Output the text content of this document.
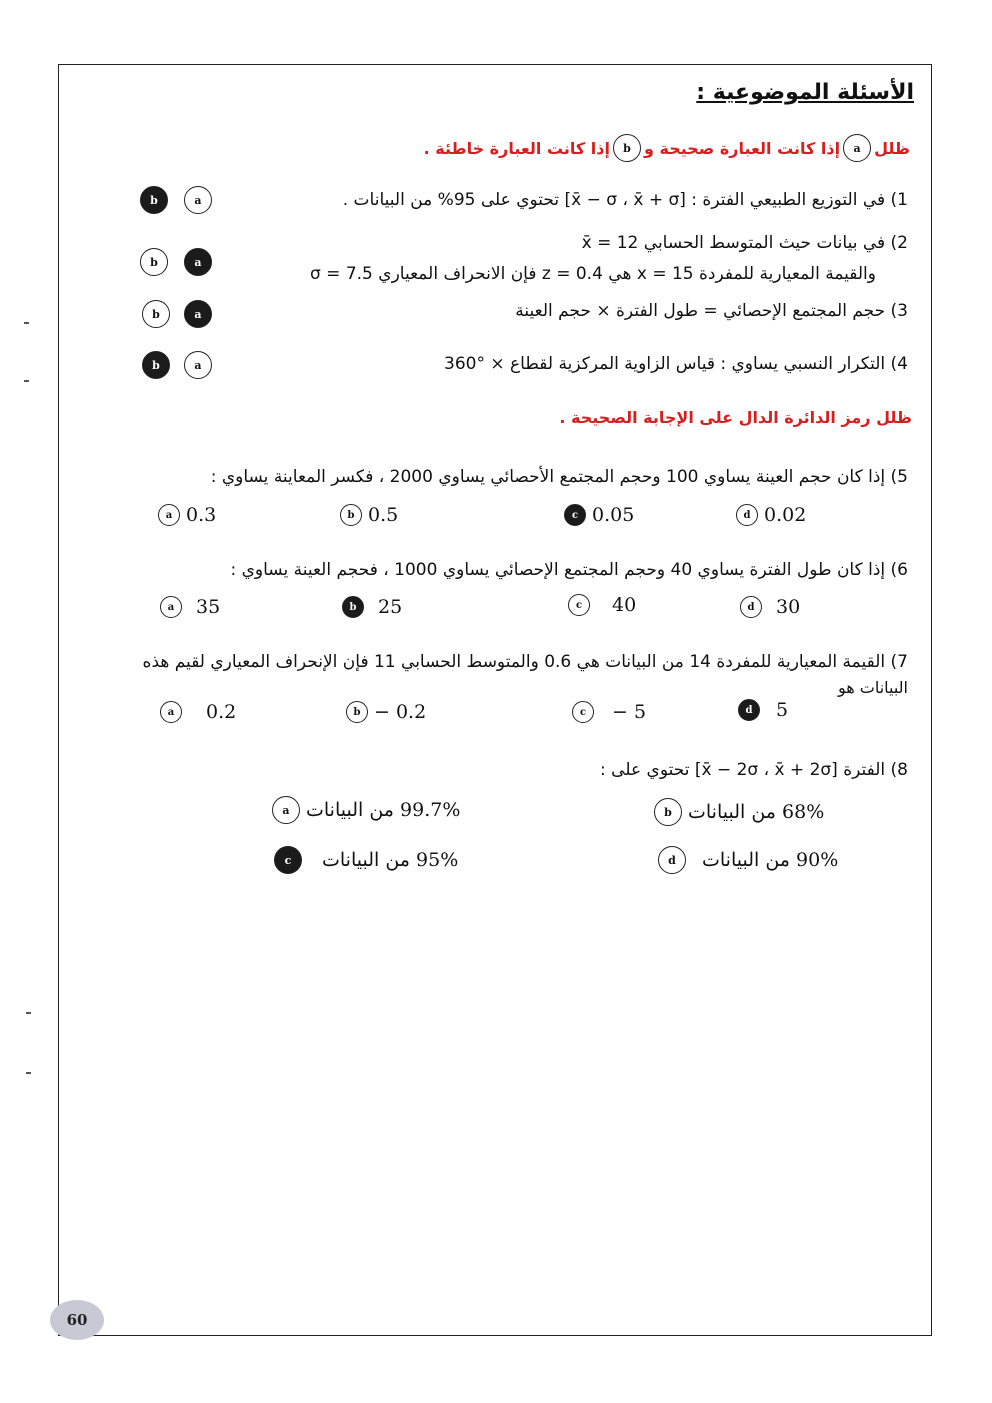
الأسئلة الموضوعية :
ظلل
a
إذا كانت العبارة صحيحة و
b
إذا كانت العبارة خاطئة .
1) في التوزيع الطبيعي الفترة : [x̄ − σ ، x̄ + σ] تحتوي على 95% من البيانات .
b	a
2) في بيانات حيث المتوسط الحسابي x̄ = 12
والقيمة المعيارية للمفردة x = 15 هي z = 0.4 فإن الانحراف المعياري σ = 7.5
b	a
3) حجم المجتمع الإحصائي = طول الفترة × حجم العينة
b	a
4) التكرار النسبي يساوي : قياس الزاوية المركزية لقطاع × °360
b	a
ظلل رمز الدائرة الدال على الإجابة الصحيحة .
5) إذا كان حجم العينة يساوي 100 وحجم المجتمع الأحصائي يساوي 2000 ، فكسر المعاينة يساوي :
a 0.3	b 0.5	c 0.05	d 0.02
6) إذا كان طول الفترة يساوي 40 وحجم المجتمع الإحصائي يساوي 1000 ، فحجم العينة يساوي :
a	35	b	25	c	40	d	30
7) القيمة المعيارية للمفردة 14 من البيانات هي 0.6 والمتوسط الحسابي 11 فإن الإنحراف المعياري لقيم هذه
البيانات هو
a	0.2	b − 0.2	c	− 5	d	5
8) الفترة [x̄ − 2σ ، x̄ + 2σ] تحتوي على :
a 99.7% من البيانات	b 68% من البيانات
c	95% من البيانات	d	90% من البيانات
60
